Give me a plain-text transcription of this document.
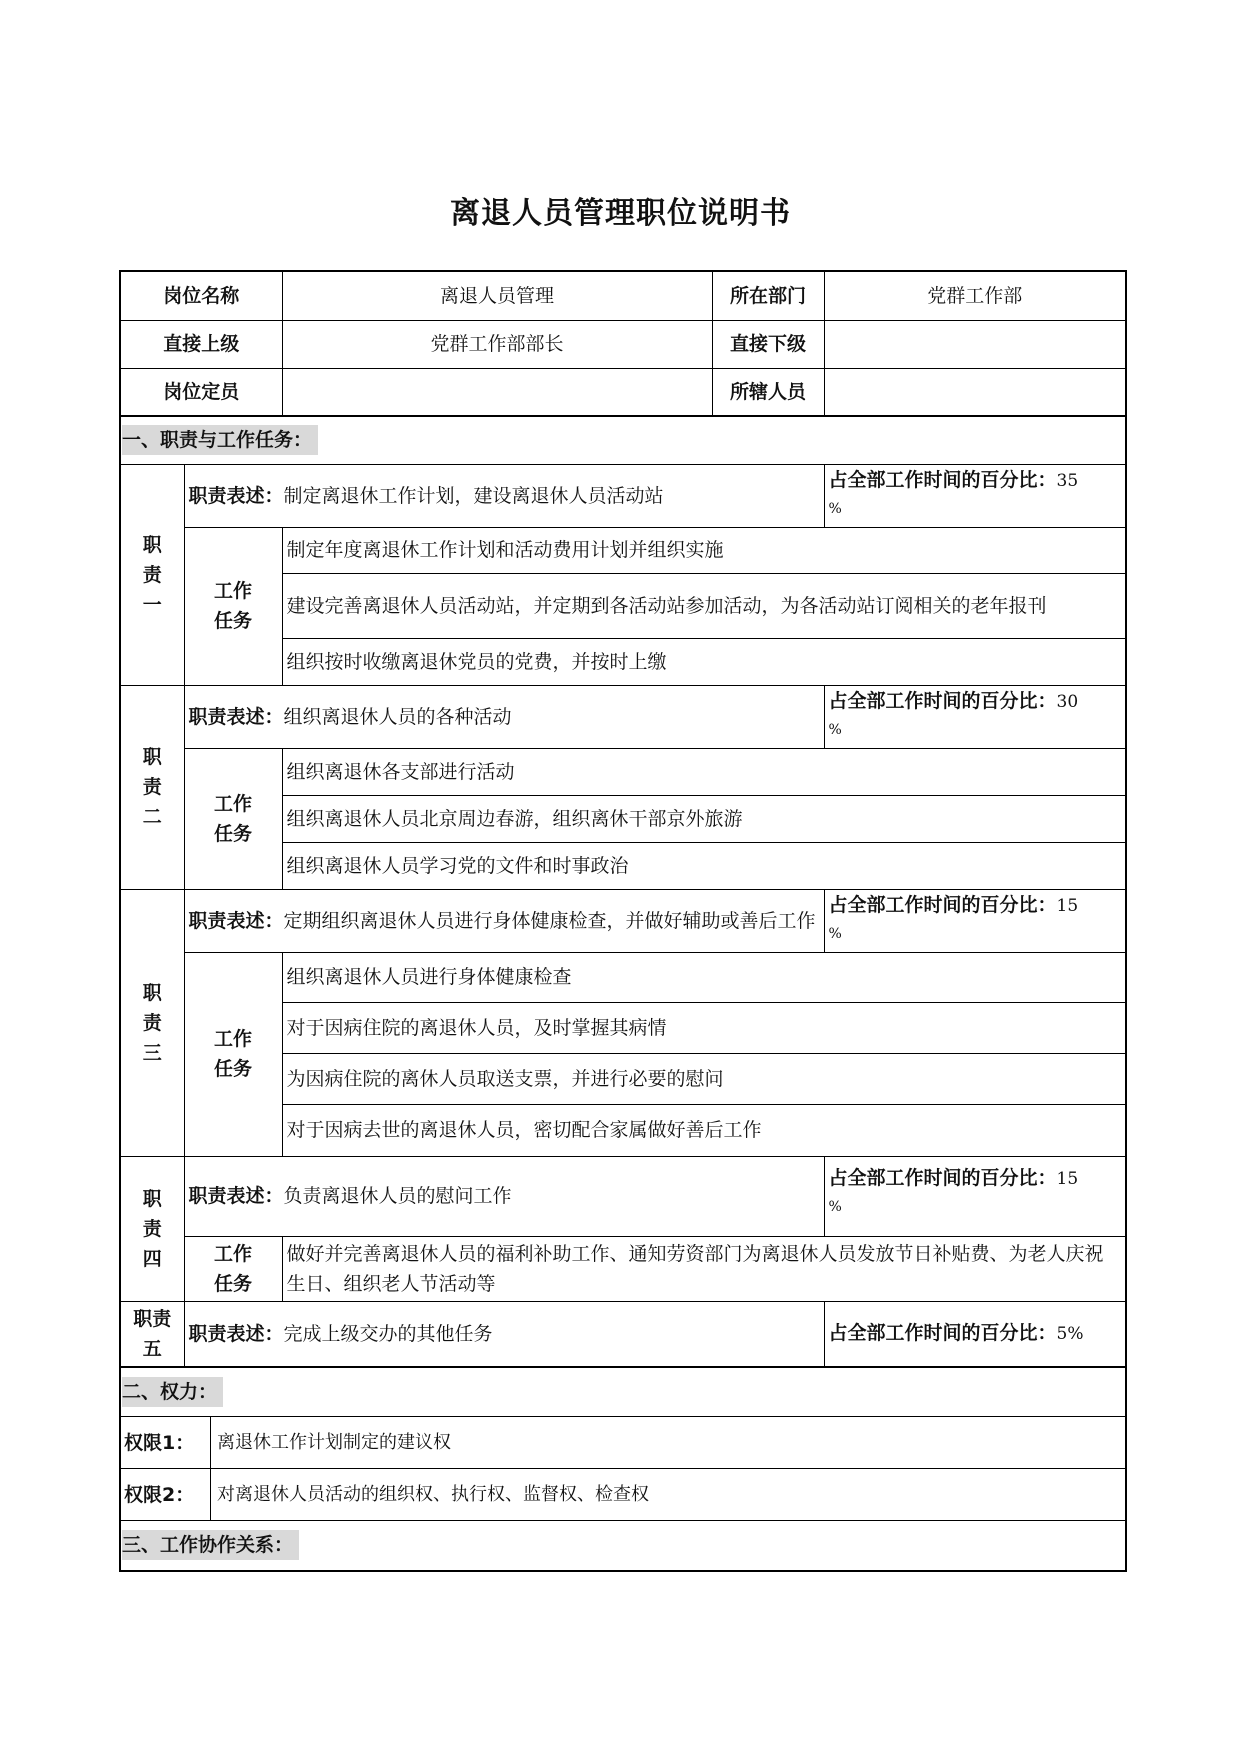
离退人员管理职位说明书
岗位名称		离退人员管理	所在部门	党群工作部
直接上级		党群工作部部长	直接下级	
岗位定员			所辖人员	
一、职责与工作任务：				
职
责
一	职责表述：制定离退休工作计划，建设离退休人员活动站			占全部工作时间的百分比：35
%
	工作
任务	制定年度离退休工作计划和活动费用计划并组织实施		
		建设完善离退休人员活动站，并定期到各活动站参加活动，为各活动站订阅相关的老年报刊		
		组织按时收缴离退休党员的党费，并按时上缴		

职
责
二	职责表述：组织离退休人员的各种活动			占全部工作时间的百分比：30
%
	工作
任务	组织离退休各支部进行活动		
		组织离退休人员北京周边春游，组织离休干部京外旅游		
		组织离退休人员学习党的文件和时事政治		
职
责
三	职责表述：定期组织离退休人员进行身体健康检查，并做好辅助或善后工作			占全部工作时间的百分比：15
%
	工作
任务	组织离退休人员进行身体健康检查		
		对于因病住院的离退休人员，及时掌握其病情		
		为因病住院的离休人员取送支票，并进行必要的慰问		
		对于因病去世的离退休人员，密切配合家属做好善后工作		
职
责
四	职责表述：负责离退休人员的慰问工作			占全部工作时间的百分比：15
%
	工作
任务	做好并完善离退休人员的福利补助工作、通知劳资部门为离退休人员发放节日补贴费、为老人庆祝生日、组织老人节活动等		
职责
五	职责表述：完成上级交办的其他任务			占全部工作时间的百分比：5%
二、权力：				

权限1： 离退休工作计划制定的建议权				

权限2： 对离退休人员活动的组织权、执行权、监督权、检查权				

三、工作协作关系：				
